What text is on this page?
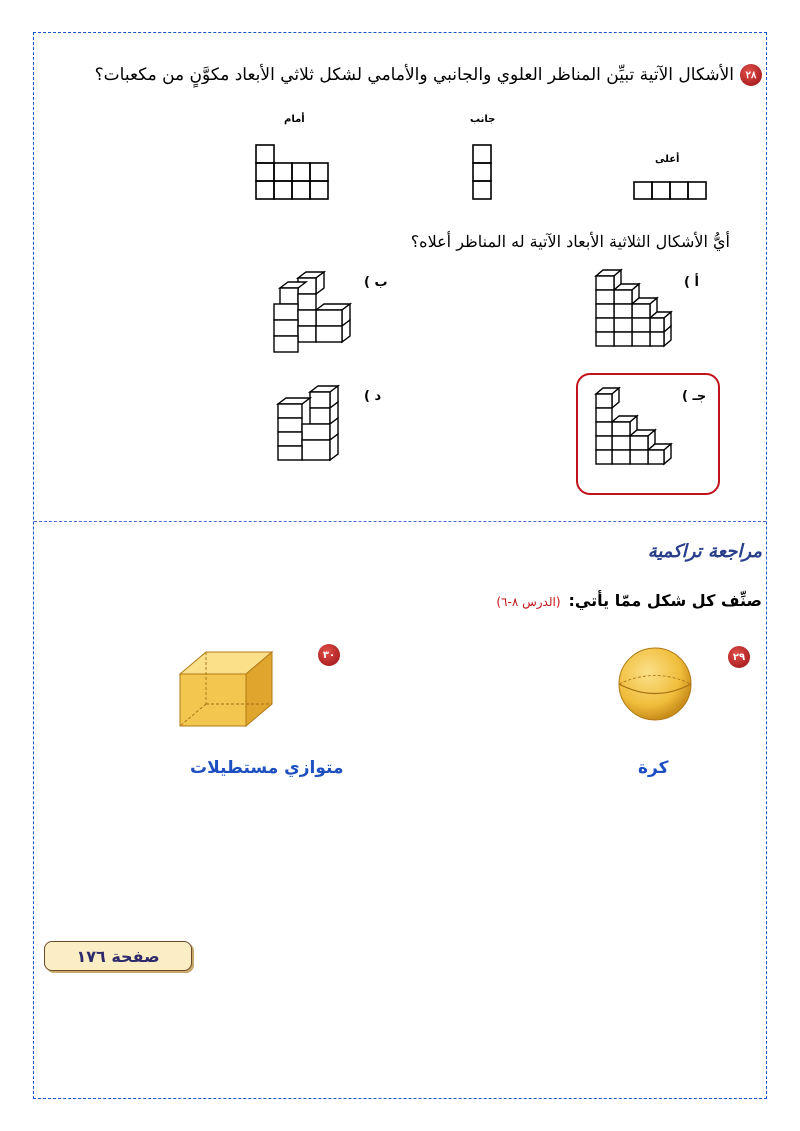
٢٨
الأشكال الآتية تبيِّن المناظر العلوي والجانبي والأمامي لشكل ثلاثي الأبعاد مكوَّنٍ من مكعبات؟
أمام	جانب
أعلى
أيُّ الأشكال الثلاثية الأبعاد الآتية له المناظر أعلاه؟
أ )
ب )
جـ )
د )
مراجعة تراكمية
صنِّف كل شكل ممّا يأتي:
(الدرس ٨-٦)
٢٩
كرة
٣٠
متوازي مستطيلات
صفحة ١٧٦
